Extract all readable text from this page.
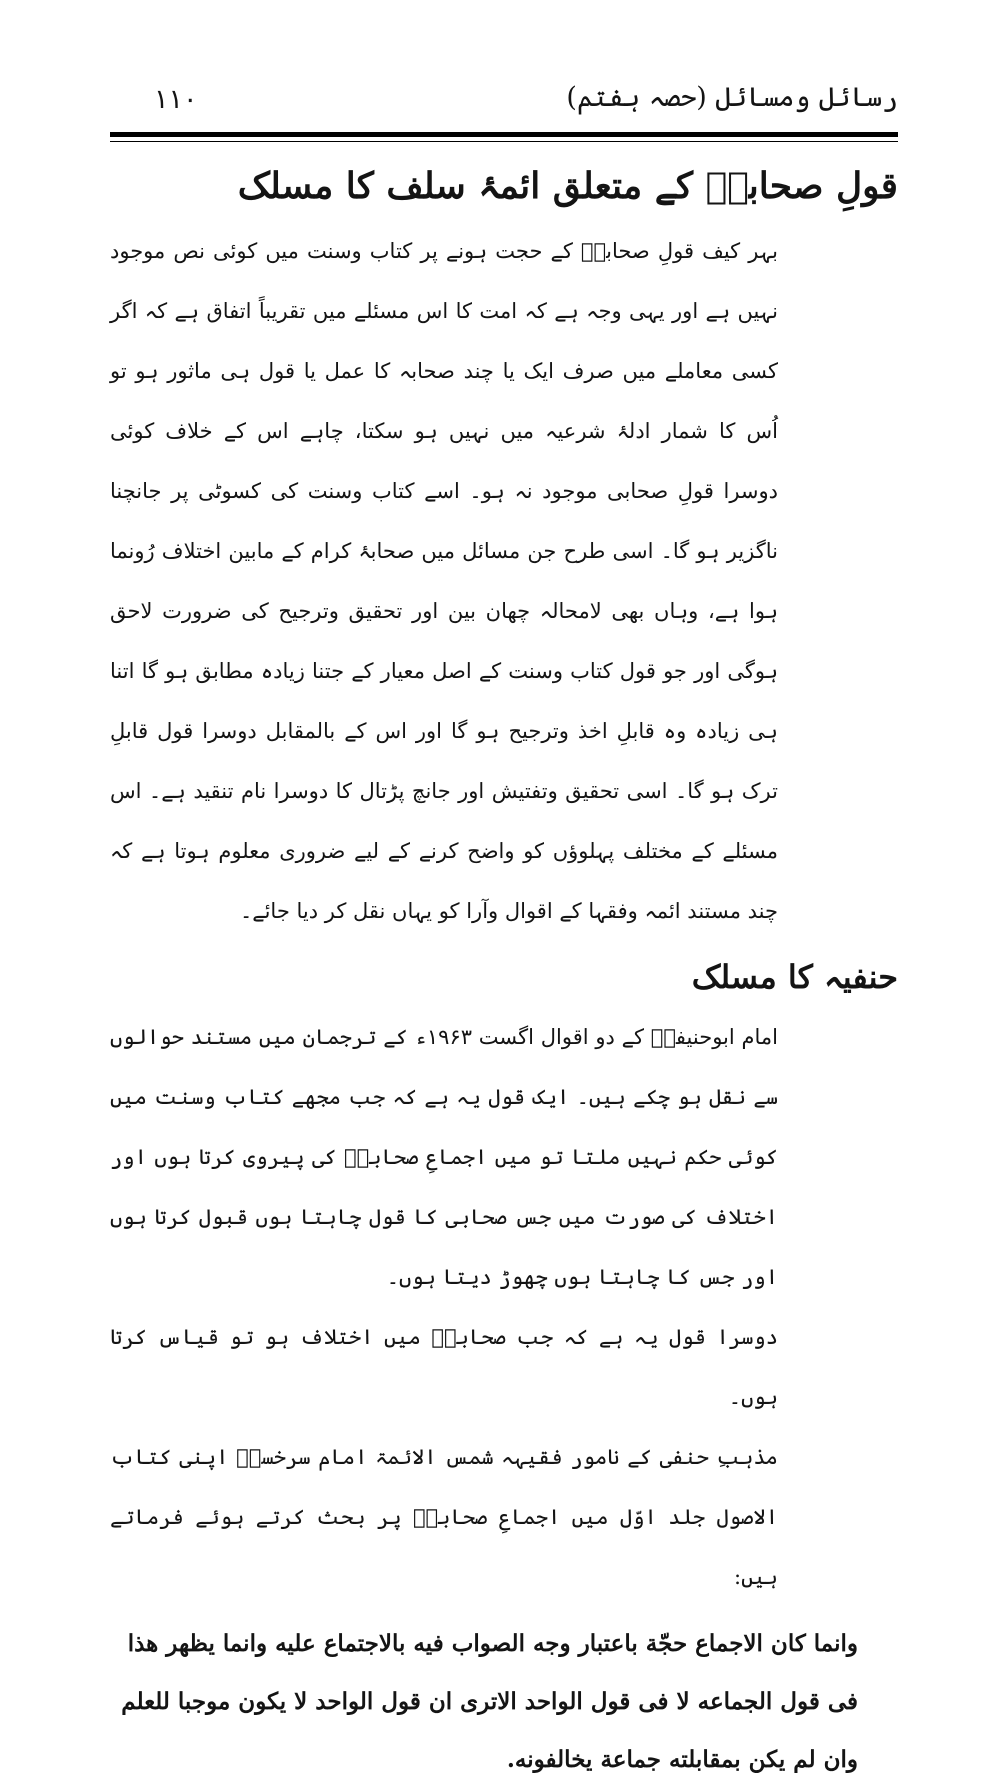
رسائل ومسائل (حصہ ہفتم)
۱۱۰
قولِ صحابیؓ کے متعلق ائمۂ سلف کا مسلک

بہر کیف قولِ صحابیؓ کے حجت ہونے پر کتاب وسنت میں کوئی نص موجود نہیں ہے اور یہی وجہ ہے کہ امت کا اس مسئلے میں تقریباً اتفاق ہے کہ اگر کسی معاملے میں صرف ایک یا چند صحابہ کا عمل یا قول ہی ماثور ہو تو اُس کا شمار ادلۂ شرعیہ میں نہیں ہو سکتا، چاہے اس کے خلاف کوئی دوسرا قولِ صحابی موجود نہ ہو۔ اسے کتاب وسنت کی کسوٹی پر جانچنا ناگزیر ہو گا۔ اسی طرح جن مسائل میں صحابۂ کرام کے مابین اختلاف رُونما ہوا ہے، وہاں بھی لامحالہ چھان بین اور تحقیق وترجیح کی ضرورت لاحق ہوگی اور جو قول کتاب وسنت کے اصل معیار کے جتنا زیادہ مطابق ہو گا اتنا ہی زیادہ وہ قابلِ اخذ وترجیح ہو گا اور اس کے بالمقابل دوسرا قول قابلِ ترک ہو گا۔ اسی تحقیق وتفتیش اور جانچ پڑتال کا دوسرا نام تنقید ہے۔ اس مسئلے کے مختلف پہلوؤں کو واضح کرنے کے لیے ضروری معلوم ہوتا ہے کہ چند مستند ائمہ وفقہا کے اقوال وآرا کو یہاں نقل کر دیا جائے۔

حنفیہ کا مسلک

امام ابوحنیفہؒ کے دو اقوال اگست ۱۹۶۳ء کے ترجمان میں مستند حوالوں سے نقل ہو چکے ہیں۔ ایک قول یہ ہے کہ جب مجھے کتاب وسنت میں کوئی حکم نہیں ملتا تو میں اجماعِ صحابہؓ کی پیروی کرتا ہوں اور اختلاف کی صورت میں جس صحابی کا قول چاہتا ہوں قبول کرتا ہوں اور جس کا چاہتا ہوں چھوڑ دیتا ہوں۔

دوسرا قول یہ ہے کہ جب صحابہؓ میں اختلاف ہو تو قیاس کرتا ہوں۔

مذہبِ حنفی کے نامور فقیہہ شمس الائمۃ امام سرخسیؒ اپنی کتاب الاصول جلد اوّل میں اجماعِ صحابہؓ پر بحث کرتے ہوئے فرماتے ہیں:

وانما كان الاجماع حجّة باعتبار وجه الصواب فيه بالاجتماع عليه وانما يظهر هذا فى قول الجماعه لا فى قول الواحد الاترى ان قول الواحد لا يكون موجبا للعلم وان لم يكن بمقابلته جماعة يخالفونه.
